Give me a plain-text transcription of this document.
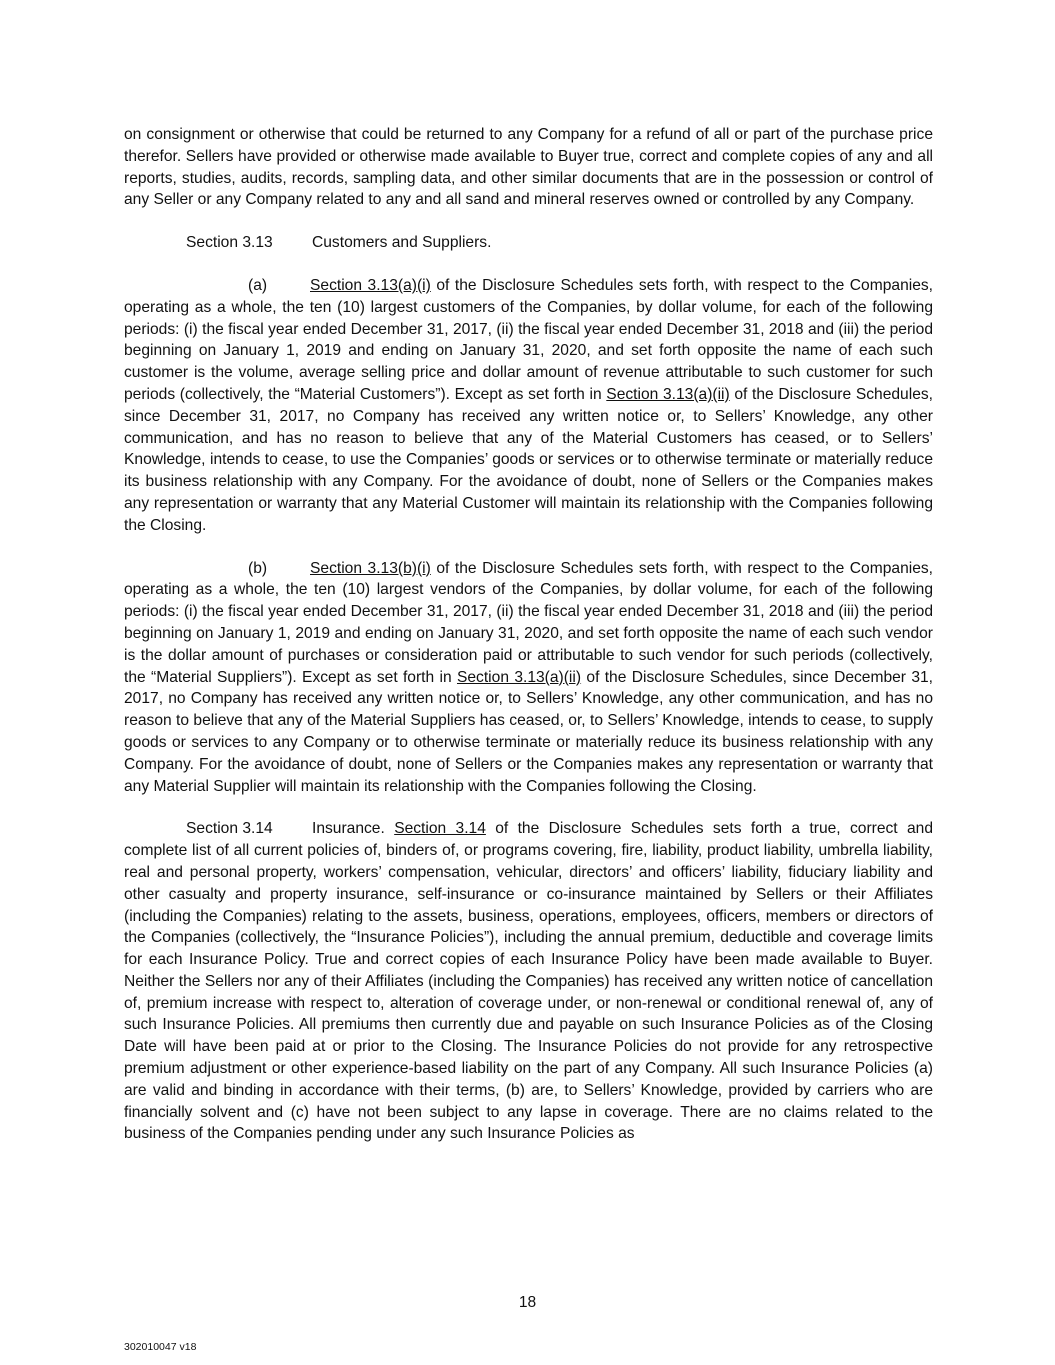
on consignment or otherwise that could be returned to any Company for a refund of all or part of the purchase price therefor. Sellers have provided or otherwise made available to Buyer true, correct and complete copies of any and all reports, studies, audits, records, sampling data, and other similar documents that are in the possession or control of any Seller or any Company related to any and all sand and mineral reserves owned or controlled by any Company.

Section 3.13	Customers and Suppliers.

(a)	Section 3.13(a)(i) of the Disclosure Schedules sets forth, with respect to the Companies, operating as a whole, the ten (10) largest customers of the Companies, by dollar volume, for each of the following periods: (i) the fiscal year ended December 31, 2017, (ii) the fiscal year ended December 31, 2018 and (iii) the period beginning on January 1, 2019 and ending on January 31, 2020, and set forth opposite the name of each such customer is the volume, average selling price and dollar amount of revenue attributable to such customer for such periods (collectively, the “Material Customers”). Except as set forth in Section 3.13(a)(ii) of the Disclosure Schedules, since December 31, 2017, no Company has received any written notice or, to Sellers’ Knowledge, any other communication, and has no reason to believe that any of the Material Customers has ceased, or to Sellers’ Knowledge, intends to cease, to use the Companies’ goods or services or to otherwise terminate or materially reduce its business relationship with any Company. For the avoidance of doubt, none of Sellers or the Companies makes any representation or warranty that any Material Customer will maintain its relationship with the Companies following the Closing.

(b)	Section 3.13(b)(i) of the Disclosure Schedules sets forth, with respect to the Companies, operating as a whole, the ten (10) largest vendors of the Companies, by dollar volume, for each of the following periods: (i) the fiscal year ended December 31, 2017, (ii) the fiscal year ended December 31, 2018 and (iii) the period beginning on January 1, 2019 and ending on January 31, 2020, and set forth opposite the name of each such vendor is the dollar amount of purchases or consideration paid or attributable to such vendor for such periods (collectively, the “Material Suppliers”). Except as set forth in Section 3.13(a)(ii) of the Disclosure Schedules, since December 31, 2017, no Company has received any written notice or, to Sellers’ Knowledge, any other communication, and has no reason to believe that any of the Material Suppliers has ceased, or, to Sellers’ Knowledge, intends to cease, to supply goods or services to any Company or to otherwise terminate or materially reduce its business relationship with any Company. For the avoidance of doubt, none of Sellers or the Companies makes any representation or warranty that any Material Supplier will maintain its relationship with the Companies following the Closing.

Section 3.14	Insurance. Section 3.14 of the Disclosure Schedules sets forth a true, correct and complete list of all current policies of, binders of, or programs covering, fire, liability, product liability, umbrella liability, real and personal property, workers’ compensation, vehicular, directors’ and officers’ liability, fiduciary liability and other casualty and property insurance, self-insurance or co-insurance maintained by Sellers or their Affiliates (including the Companies) relating to the assets, business, operations, employees, officers, members or directors of the Companies (collectively, the “Insurance Policies”), including the annual premium, deductible and coverage limits for each Insurance Policy. True and correct copies of each Insurance Policy have been made available to Buyer. Neither the Sellers nor any of their Affiliates (including the Companies) has received any written notice of cancellation of, premium increase with respect to, alteration of coverage under, or non-renewal or conditional renewal of, any of such Insurance Policies. All premiums then currently due and payable on such Insurance Policies as of the Closing Date will have been paid at or prior to the Closing. The Insurance Policies do not provide for any retrospective premium adjustment or other experience-based liability on the part of any Company. All such Insurance Policies (a) are valid and binding in accordance with their terms, (b) are, to Sellers’ Knowledge, provided by carriers who are financially solvent and (c) have not been subject to any lapse in coverage. There are no claims related to the business of the Companies pending under any such Insurance Policies as

18
302010047 v18
